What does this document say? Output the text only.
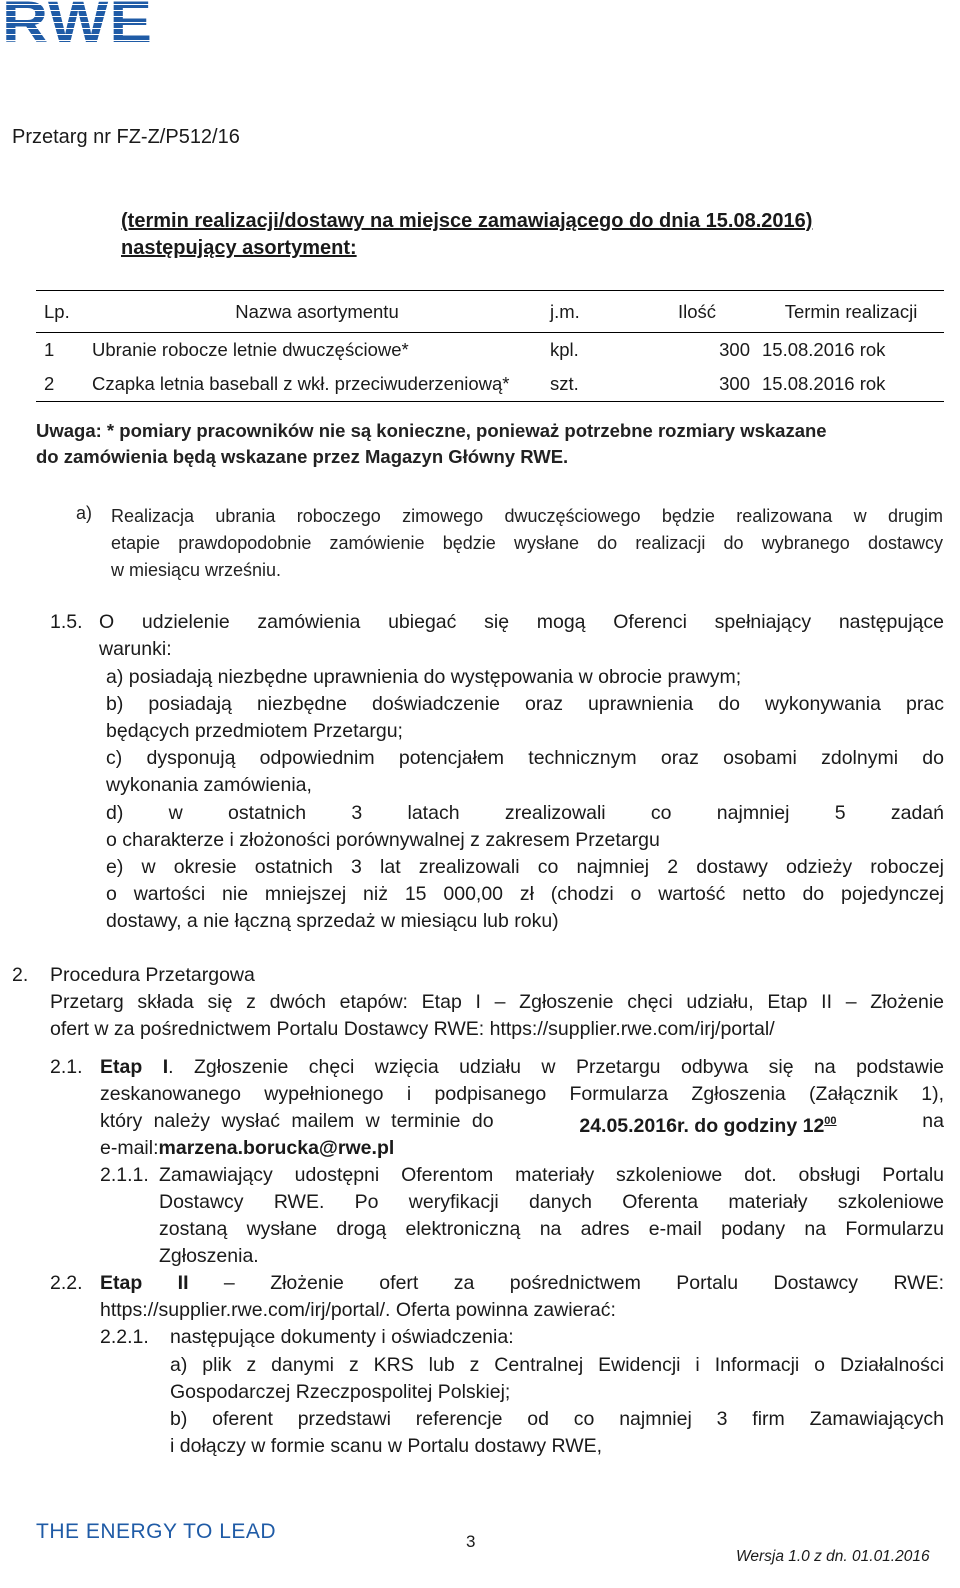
RWE
Przetarg nr FZ-Z/P512/16
(termin realizacji/dostawy na miejsce zamawiającego do dnia 15.08.2016)
następujący asortyment:
Lp.	Nazwa asortymentu	j.m.	Ilość	Termin realizacji
1	Ubranie robocze letnie dwuczęściowe*	kpl.	300	15.08.2016 rok
2	Czapka letnia baseball z wkł. przeciwuderzeniową*	szt.	300	15.08.2016 rok
Uwaga: * pomiary pracowników nie są konieczne, ponieważ potrzebne rozmiary wskazane
do zamówienia będą wskazane przez Magazyn Główny RWE.
a) Realizacja ubrania roboczego zimowego dwuczęściowego będzie realizowana w drugim
etapie prawdopodobnie zamówienie będzie wysłane do realizacji do wybranego dostawcy
w miesiącu wrześniu.
1.5. O udzielenie zamówienia ubiegać się mogą Oferenci spełniający następujące
warunki:
a) posiadają niezbędne uprawnienia do występowania w obrocie prawym;
b) posiadają niezbędne doświadczenie oraz uprawnienia do wykonywania prac
będących przedmiotem Przetargu;
c) dysponują odpowiednim potencjałem technicznym oraz osobami zdolnymi do
wykonania zamówienia,
d) w ostatnich 3 latach zrealizowali co najmniej 5 zadań
o charakterze i złożoności porównywalnej z zakresem Przetargu
e) w okresie ostatnich 3 lat zrealizowali co najmniej 2 dostawy odzieży roboczej
o wartości nie mniejszej niż 15 000,00 zł (chodzi o wartość netto do pojedynczej
dostawy, a nie łączną sprzedaż w miesiącu lub roku)
2. Procedura Przetargowa
Przetarg składa się z dwóch etapów: Etap I – Zgłoszenie chęci udziału, Etap II – Złożenie
ofert w za pośrednictwem Portalu Dostawcy RWE: https://supplier.rwe.com/irj/portal/
2.1. Etap I. Zgłoszenie chęci wzięcia udziału w Przetargu odbywa się na podstawie
zeskanowanego wypełnionego i podpisanego Formularza Zgłoszenia (Załącznik 1),
który należy wysłać mailem w terminie do	24.05.2016r. do godziny $12^{00}$	na
e-mail:marzena.borucka@rwe.pl
2.1.1. Zamawiający udostępni Oferentom materiały szkoleniowe dot. obsługi Portalu
Dostawcy RWE. Po weryfikacji danych Oferenta materiały szkoleniowe
zostaną wysłane drogą elektroniczną na adres e-mail podany na Formularzu
Zgłoszenia.
2.2. Etap II – Złożenie ofert za pośrednictwem Portalu Dostawcy RWE:
https://supplier.rwe.com/irj/portal/. Oferta powinna zawierać:
2.2.1. następujące dokumenty i oświadczenia:
a) plik z danymi z KRS lub z Centralnej Ewidencji i Informacji o Działalności
Gospodarczej Rzeczpospolitej Polskiej;
b) oferent przedstawi referencje od co najmniej 3 firm Zamawiających
i dołączy w formie scanu w Portalu dostawy RWE,
THE ENERGY TO LEAD	3
Wersja 1.0 z dn. 01.01.2016
